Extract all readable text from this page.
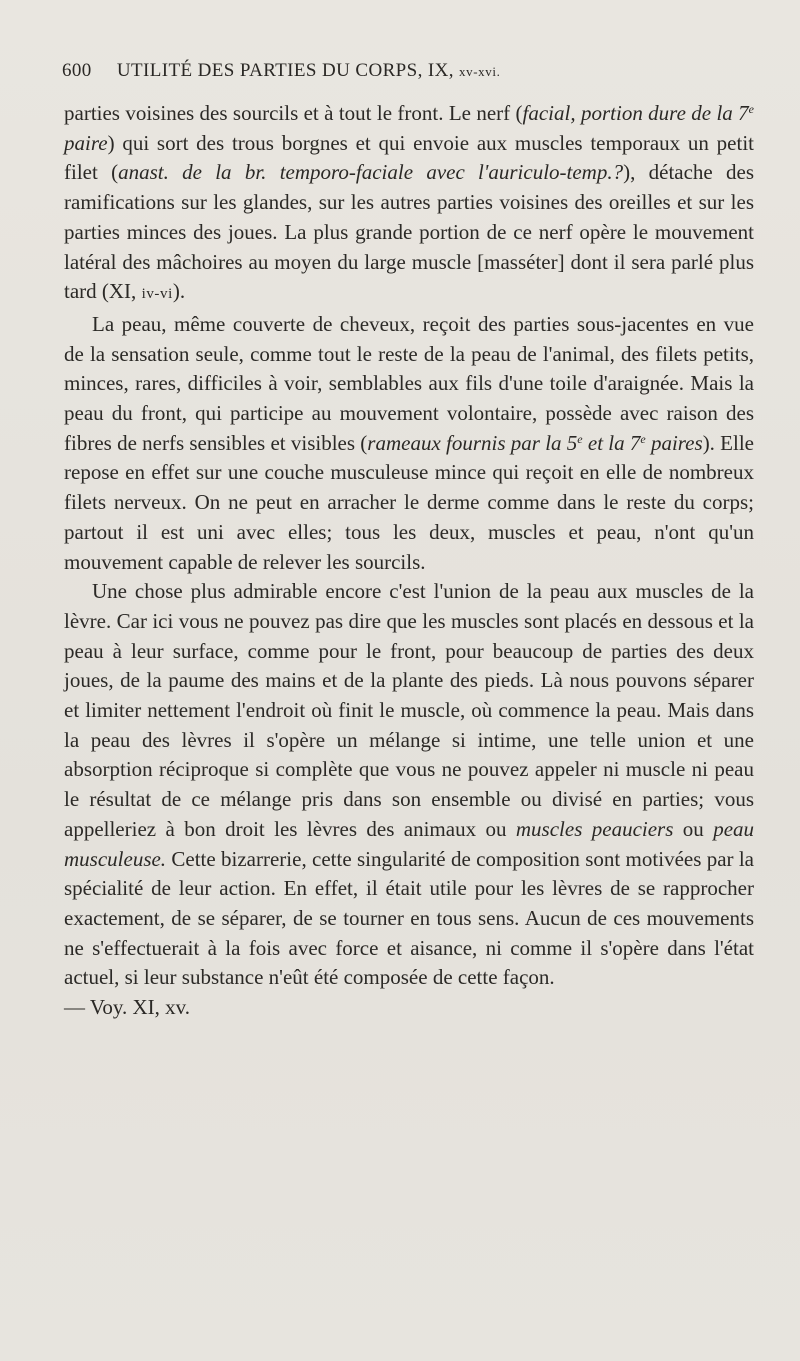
600 UTILITÉ DES PARTIES DU CORPS, IX, xv-xvi.

parties voisines des sourcils et à tout le front. Le nerf (facial, portion dure de la 7e paire) qui sort des trous borgnes et qui envoie aux muscles temporaux un petit filet (anast. de la br. temporo-faciale avec l'auriculo-temp.?), détache des ramifications sur les glandes, sur les autres parties voisines des oreilles et sur les parties minces des joues. La plus grande portion de ce nerf opère le mouvement latéral des mâchoires au moyen du large muscle [masséter] dont il sera parlé plus tard (XI, iv-vi).

La peau, même couverte de cheveux, reçoit des parties sous-jacentes en vue de la sensation seule, comme tout le reste de la peau de l'animal, des filets petits, minces, rares, difficiles à voir, semblables aux fils d'une toile d'araignée. Mais la peau du front, qui participe au mouvement volontaire, possède avec raison des fibres de nerfs sensibles et visibles (rameaux fournis par la 5e et la 7e paires). Elle repose en effet sur une couche musculeuse mince qui reçoit en elle de nombreux filets nerveux. On ne peut en arracher le derme comme dans le reste du corps; partout il est uni avec elles; tous les deux, muscles et peau, n'ont qu'un mouvement capable de relever les sourcils.

Une chose plus admirable encore c'est l'union de la peau aux muscles de la lèvre. Car ici vous ne pouvez pas dire que les muscles sont placés en dessous et la peau à leur surface, comme pour le front, pour beaucoup de parties des deux joues, de la paume des mains et de la plante des pieds. Là nous pouvons séparer et limiter nettement l'endroit où finit le muscle, où commence la peau. Mais dans la peau des lèvres il s'opère un mélange si intime, une telle union et une absorption réciproque si complète que vous ne pouvez appeler ni muscle ni peau le résultat de ce mélange pris dans son ensemble ou divisé en parties; vous appelleriez à bon droit les lèvres des animaux ou muscles peauciers ou peau musculeuse. Cette bizarrerie, cette singularité de composition sont motivées par la spécialité de leur action. En effet, il était utile pour les lèvres de se rapprocher exactement, de se séparer, de se tourner en tous sens. Aucun de ces mouvements ne s'effectuerait à la fois avec force et aisance, ni comme il s'opère dans l'état actuel, si leur substance n'eût été composée de cette façon.

— Voy. XI, xv.
